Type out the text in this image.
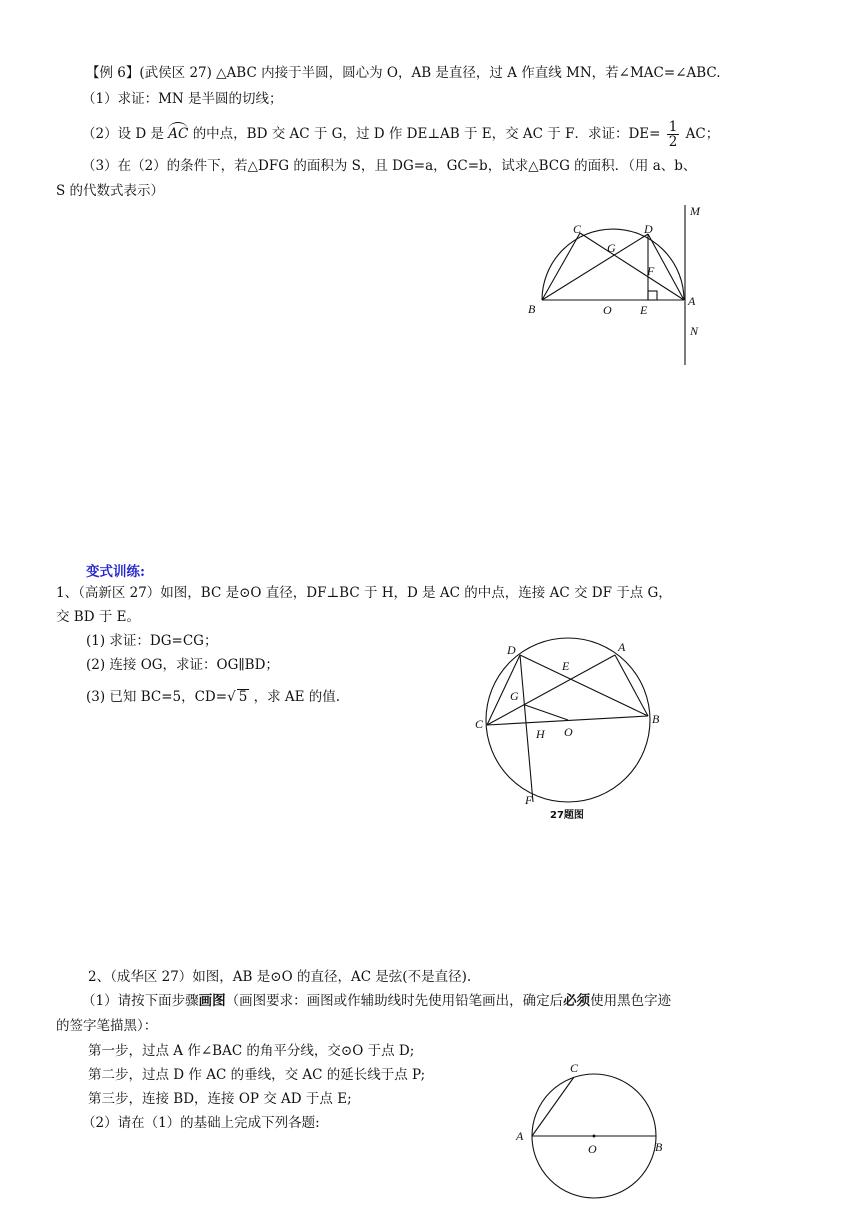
【例 6】(武侯区 27) △ABC 内接于半圆，圆心为 O，AB 是直径，过 A 作直线 MN，若∠MAC=∠ABC.
（1）求证：MN 是半圆的切线；
（2）设 D 是 AC 的中点，BD 交 AC 于 G，过 D 作 DE⊥AB 于 E，交 AC 于 F．求证：$DE= \frac{1}{2}$ AC；
（3）在（2）的条件下，若△DFG 的面积为 S，且 DG=a，GC=b，试求△BCG 的面积．（用 a、b、
S 的代数式表示）
M
N
A
B
C	D
G
F
O E
变式训练:
1、（高新区 27）如图，BC 是⊙O 直径，DF⊥BC 于 H，D 是 AC 的中点，连接 AC 交 DF 于点 G，
交 BD 于 E。
(1) 求证：DG=CG；
(2) 连接 OG，求证：OG∥BD；
(3) 已知 BC=5，CD=√ 5 ，求 AE 的值.
D	A
E
G
C	B
H O
F
27题图
2、（成华区 27）如图，AB 是⊙O 的直径，AC 是弦(不是直径).
（1）请按下面步骤画图（画图要求：画图或作辅助线时先使用铅笔画出，确定后必须使用黑色字迹
的签字笔描黑）：
第一步，过点 A 作∠BAC 的角平分线，交⊙O 于点 D;
第二步，过点 D 作 AC 的垂线，交 AC 的延长线于点 P;
第三步，连接 BD，连接 OP 交 AD 于点 E;
（2）请在（1）的基础上完成下列各题:
C
A
O	B
